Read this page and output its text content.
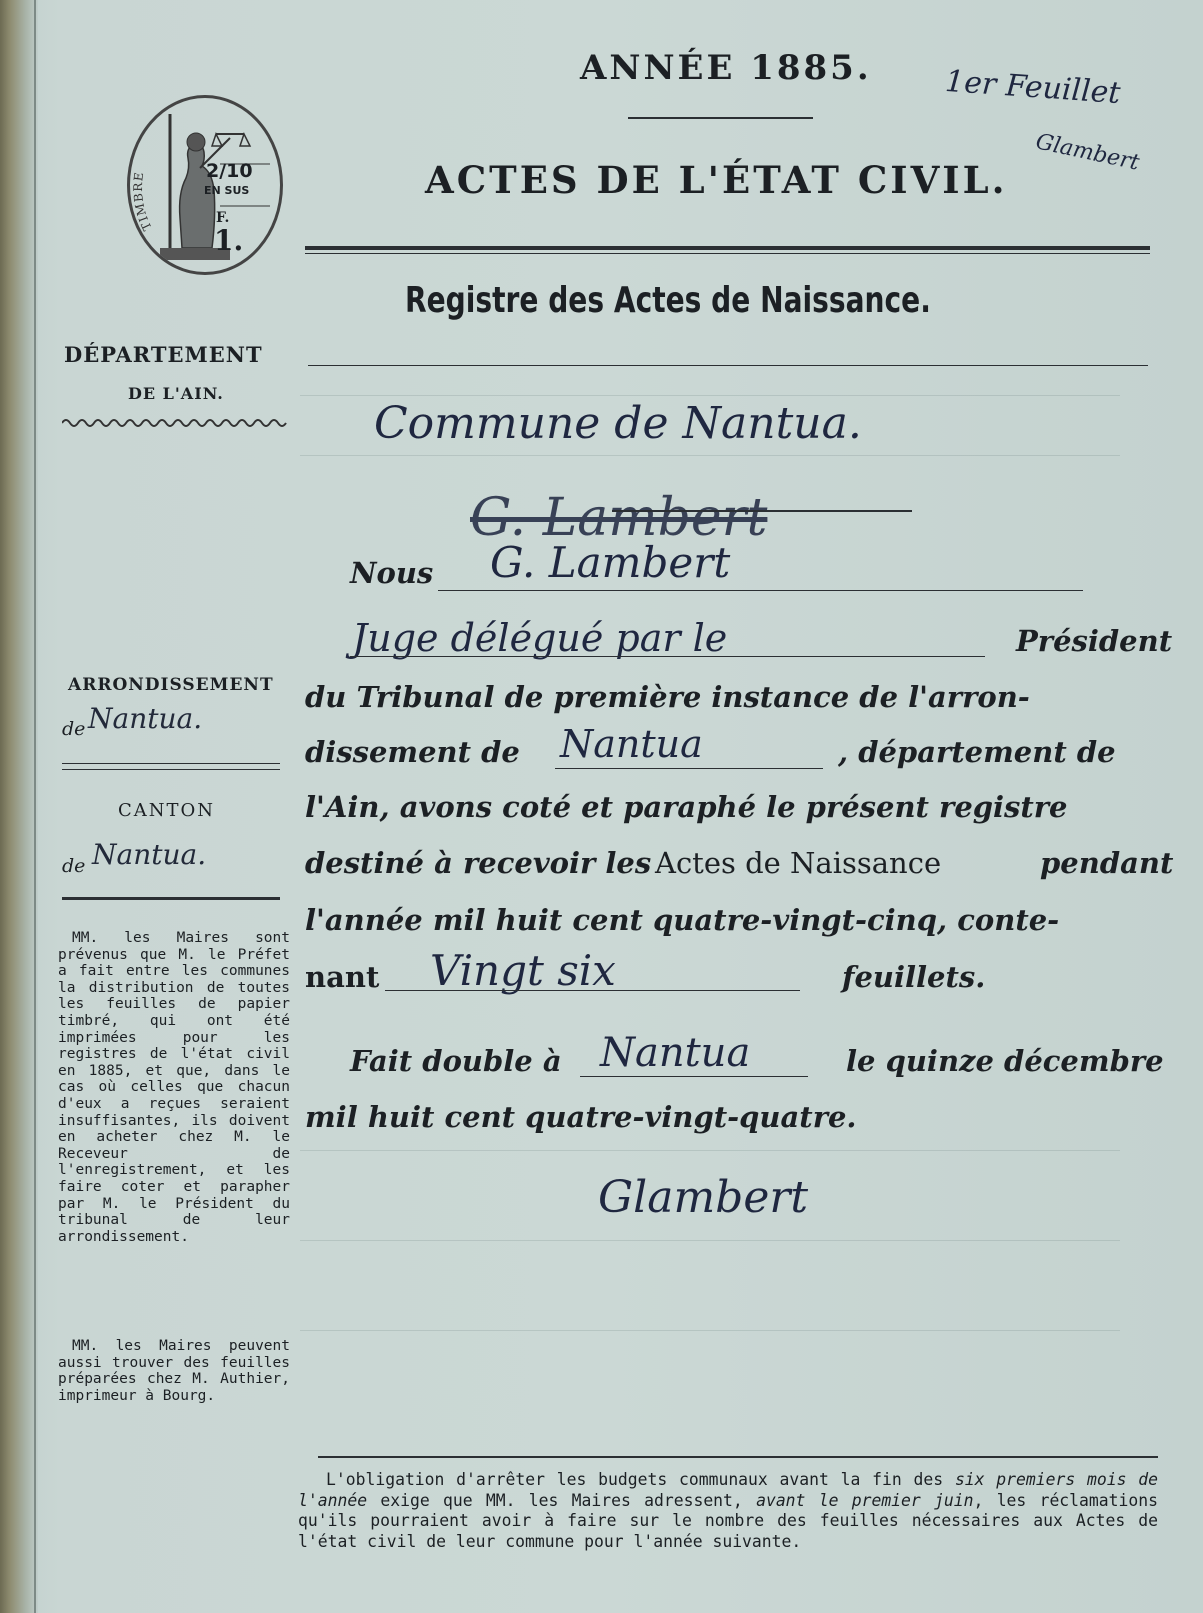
ANNÉE 1885.
ACTES DE L'ÉTAT CIVIL.
Registre des Actes de Naissance.
1er Feuillet
Glambert
TIMBRE	2/10
EN SUS
F.
1.
DÉPARTEMENT
DE L'AIN.
ARRONDISSEMENT
de Nantua.
CANTON
de Nantua.

MM. les Maires sont prévenus que M. le Préfet a fait entre les communes la distribution de toutes les feuilles de papier timbré, qui ont été imprimées pour les registres de l'état civil en 1885, et que, dans le cas où celles que chacun d'eux a reçues seraient insuffisantes, ils doivent en acheter chez M. le Receveur de l'enregistrement, et les faire coter et parapher par M. le Président du tribunal de leur arrondissement.

MM. les Maires peuvent aussi trouver des feuilles préparées chez M. Authier, imprimeur à Bourg.

Commune de Nantua.
G. Lambert
Nous G. Lambert
Juge délégué par le	Président
du Tribunal de première instance de l'arron-
dissement de Nantua	, département de
l'Ain, avons coté et paraphé le présent registre
destiné à recevoir les Actes de Naissance	pendant
l'année mil huit cent quatre-vingt-cinq, conte-
nant Vingt six	feuillets.
Fait double à Nantua	le quinze décembre
mil huit cent quatre-vingt-quatre.
Glambert

L'obligation d'arrêter les budgets communaux avant la fin des six premiers mois de l'année exige que MM. les Maires adressent, avant le premier juin, les réclamations qu'ils pourraient avoir à faire sur le nombre des feuilles nécessaires aux Actes de l'état civil de leur commune pour l'année suivante.
